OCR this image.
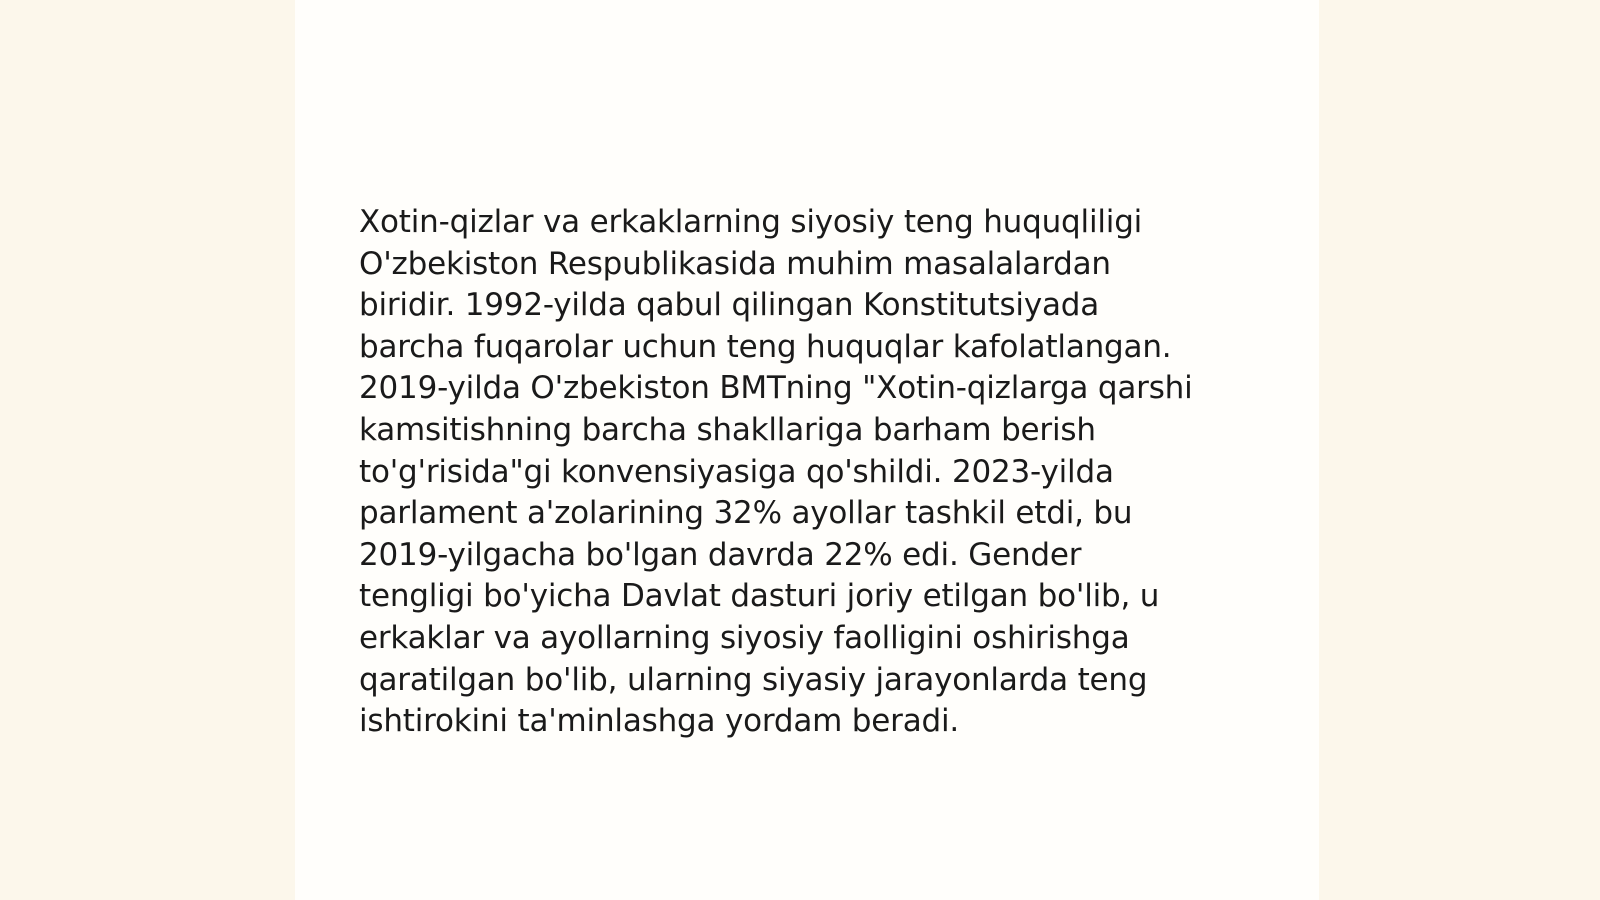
Xotin-qizlar va erkaklarning siyosiy teng huquqliligi
O'zbekiston Respublikasida muhim masalalardan
biridir. 1992-yilda qabul qilingan Konstitutsiyada
barcha fuqarolar uchun teng huquqlar kafolatlangan.
2019-yilda O'zbekiston BMTning "Xotin-qizlarga qarshi
kamsitishning barcha shakllariga barham berish
to'g'risida"gi konvensiyasiga qo'shildi. 2023-yilda
parlament a'zolarining 32% ayollar tashkil etdi, bu
2019-yilgacha bo'lgan davrda 22% edi. Gender
tengligi bo'yicha Davlat dasturi joriy etilgan bo'lib, u
erkaklar va ayollarning siyosiy faolligini oshirishga
qaratilgan bo'lib, ularning siyasiy jarayonlarda teng
ishtirokini ta'minlashga yordam beradi.
